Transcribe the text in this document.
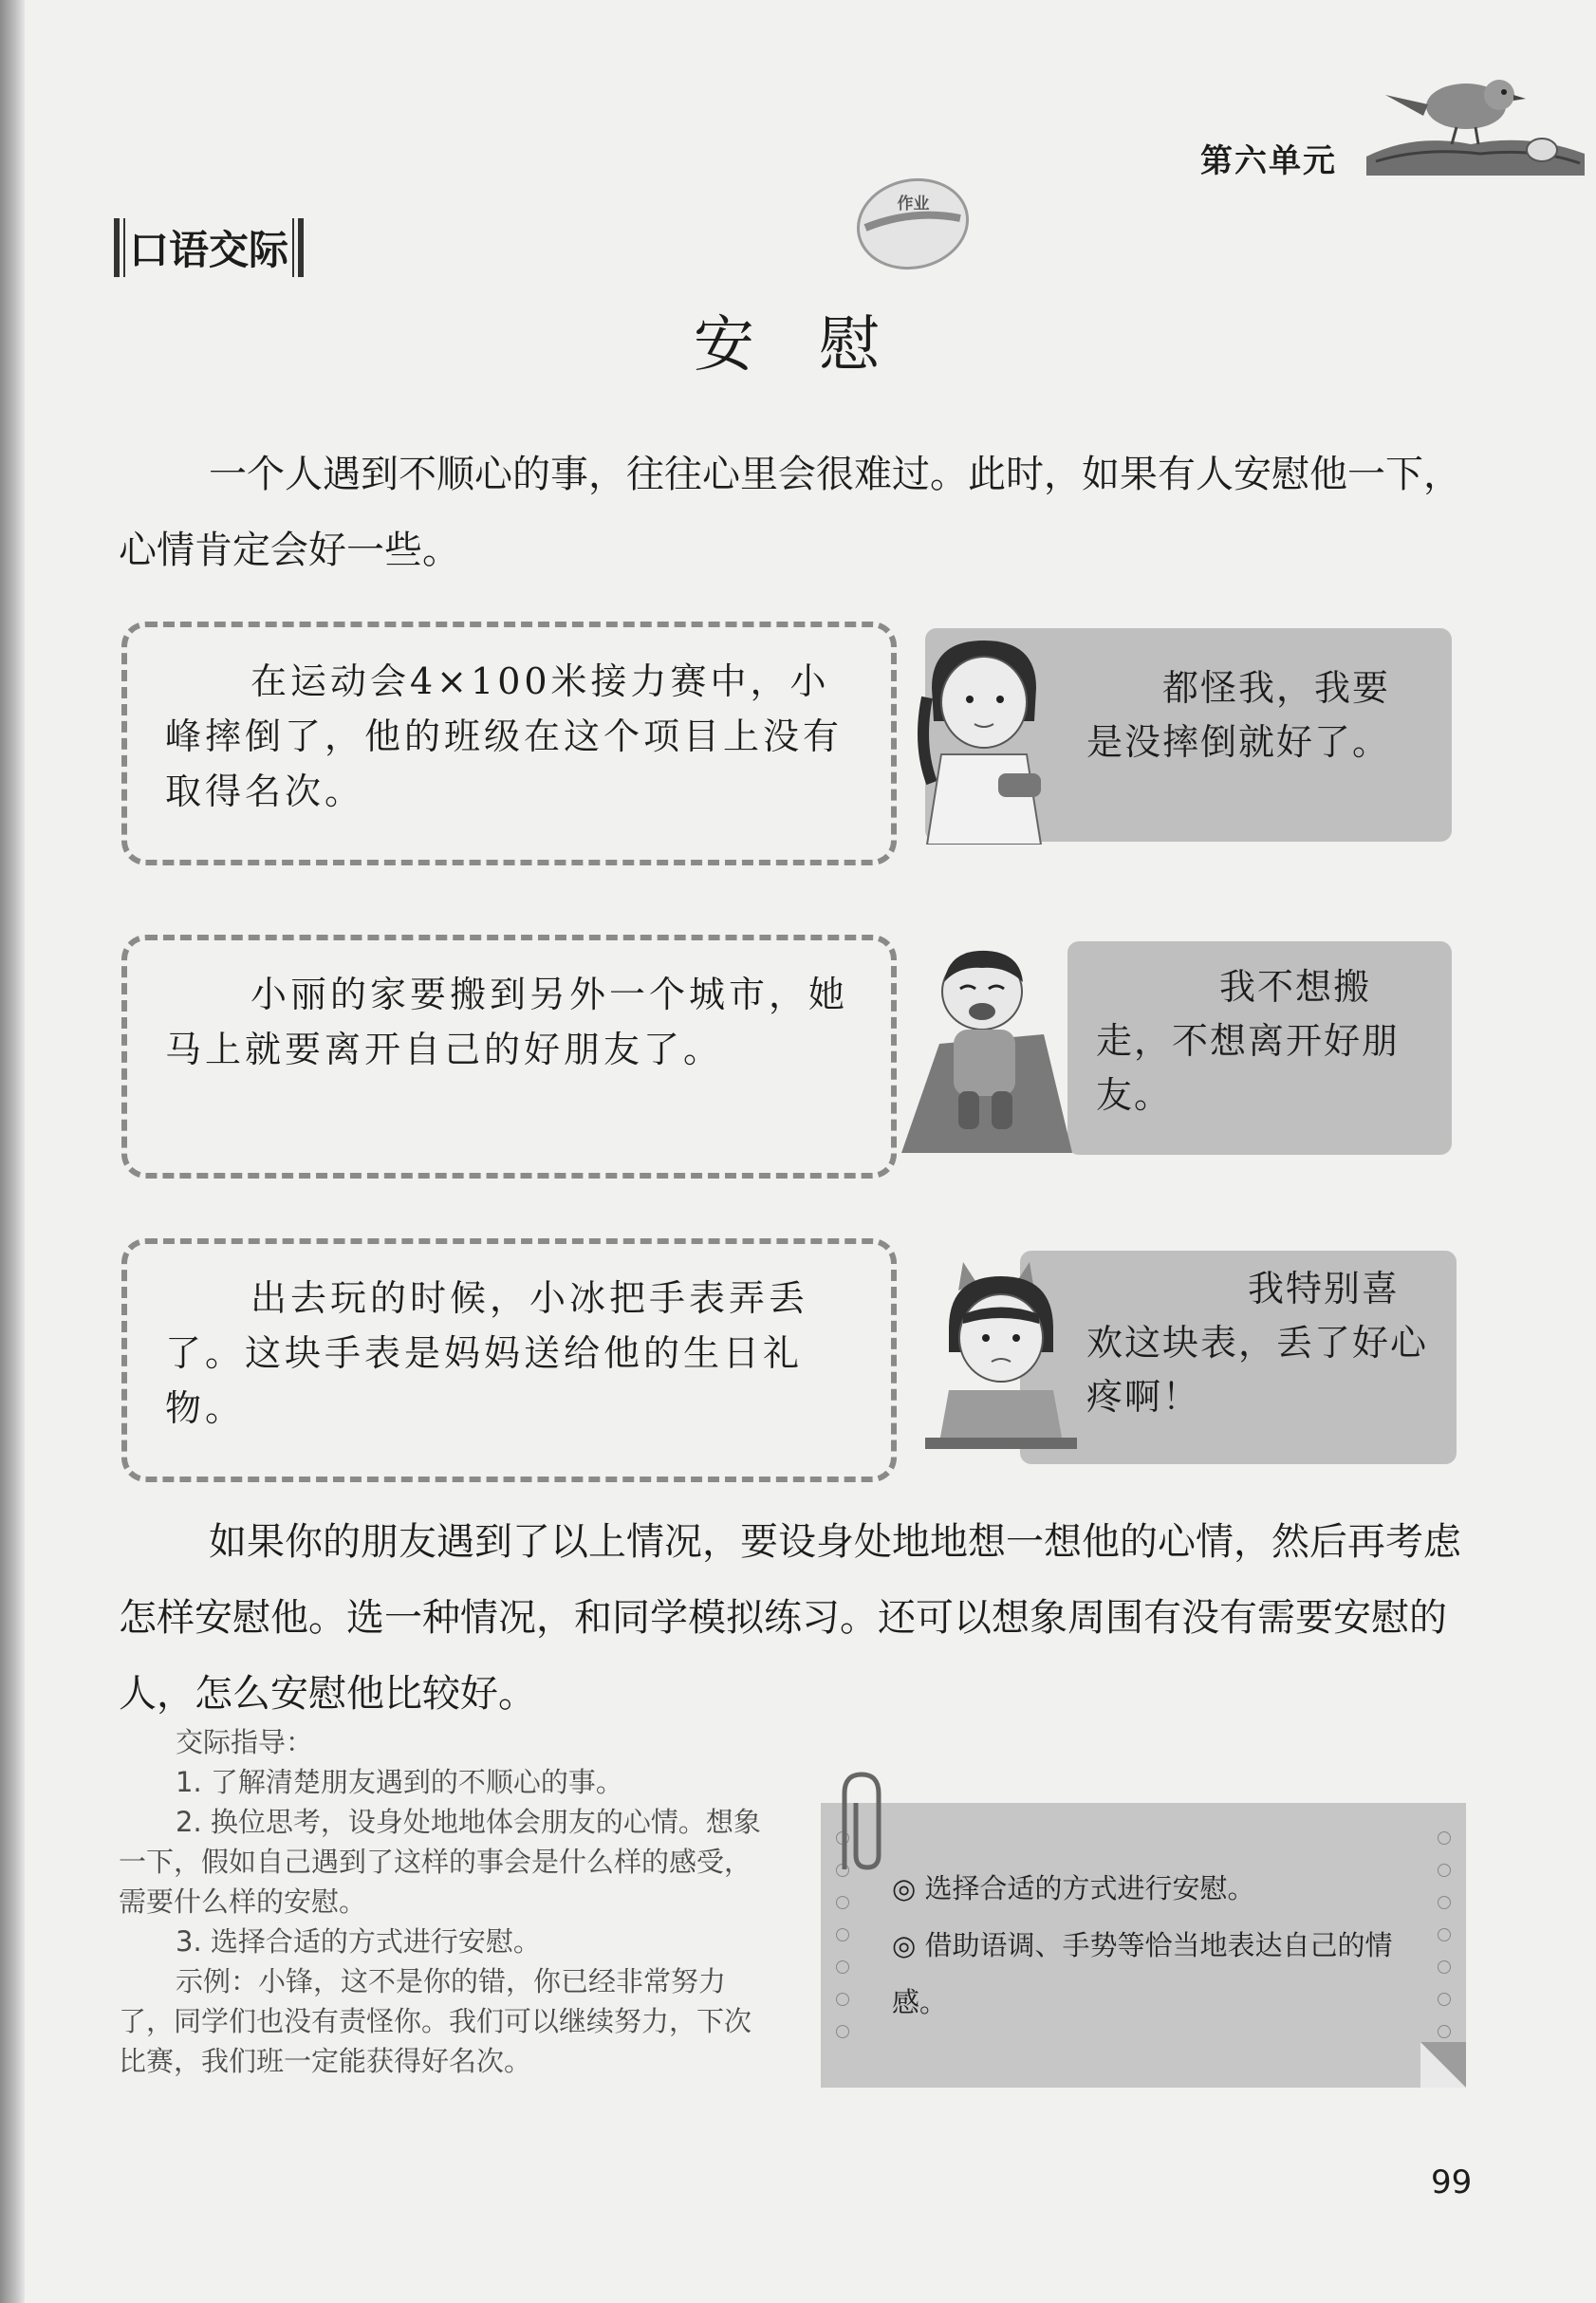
第六单元
口语交际
作业
安 慰
一个人遇到不顺心的事，往往心里会很难过。此时，如果有人安慰他一下，心情肯定会好一些。
在运动会4×100米接力赛中，小峰摔倒了，他的班级在这个项目上没有取得名次。
都怪我，我要是没摔倒就好了。
小丽的家要搬到另外一个城市，她马上就要离开自己的好朋友了。
我不想搬走，不想离开好朋友。
出去玩的时候，小冰把手表弄丢了。这块手表是妈妈送给他的生日礼物。
我特别喜欢这块表，丢了好心疼啊！
如果你的朋友遇到了以上情况，要设身处地地想一想他的心情，然后再考虑怎样安慰他。选一种情况，和同学模拟练习。还可以想象周围有没有需要安慰的人，怎么安慰他比较好。

交际指导：

1. 了解清楚朋友遇到的不顺心的事。

2. 换位思考，设身处地地体会朋友的心情。想象一下，假如自己遇到了这样的事会是什么样的感受，需要什么样的安慰。

3. 选择合适的方式进行安慰。

示例：小锋，这不是你的错，你已经非常努力了，同学们也没有责怪你。我们可以继续努力，下次比赛，我们班一定能获得好名次。

◎ 选择合适的方式进行安慰。
◎ 借助语调、手势等恰当地表达自己的情感。
99
